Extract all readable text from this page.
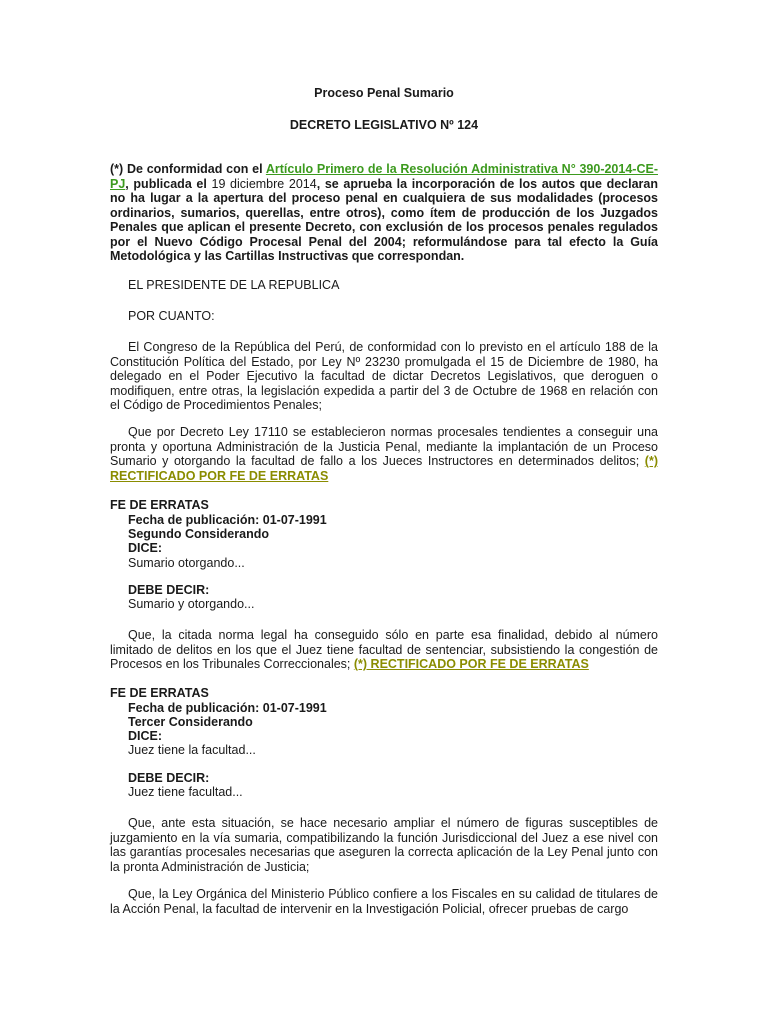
Proceso Penal Sumario
DECRETO LEGISLATIVO Nº 124

(*) De conformidad con el Artículo Primero de la Resolución Administrativa N° 390-2014-CE-PJ, publicada el 19 diciembre 2014, se aprueba la incorporación de los autos que declaran no ha lugar a la apertura del proceso penal en cualquiera de sus modalidades (procesos ordinarios, sumarios, querellas, entre otros), como ítem de producción de los Juzgados Penales que aplican el presente Decreto, con exclusión de los procesos penales regulados por el Nuevo Código Procesal Penal del 2004; reformulándose para tal efecto la Guía Metodológica y las Cartillas Instructivas que correspondan.

EL PRESIDENTE DE LA REPUBLICA
POR CUANTO:

El Congreso de la República del Perú, de conformidad con lo previsto en el artículo 188 de la Constitución Política del Estado, por Ley Nº 23230 promulgada el 15 de Diciembre de 1980, ha delegado en el Poder Ejecutivo la facultad de dictar Decretos Legislativos, que deroguen o modifiquen, entre otras, la legislación expedida a partir del 3 de Octubre de 1968 en relación con el Código de Procedimientos Penales;

Que por Decreto Ley 17110 se establecieron normas procesales tendientes a conseguir una pronta y oportuna Administración de la Justicia Penal, mediante la implantación de un Proceso Sumario y otorgando la facultad de fallo a los Jueces Instructores en determinados delitos; (*) RECTIFICADO POR FE DE ERRATAS

FE DE ERRATAS
Fecha de publicación: 01-07-1991
Segundo Considerando
DICE:
Sumario otorgando...
DEBE DECIR:
Sumario y otorgando...

Que, la citada norma legal ha conseguido sólo en parte esa finalidad, debido al número limitado de delitos en los que el Juez tiene facultad de sentenciar, subsistiendo la congestión de Procesos en los Tribunales Correccionales; (*) RECTIFICADO POR FE DE ERRATAS

FE DE ERRATAS
Fecha de publicación: 01-07-1991
Tercer Considerando
DICE:
Juez tiene la facultad...
DEBE DECIR:
Juez tiene facultad...

Que, ante esta situación, se hace necesario ampliar el número de figuras susceptibles de juzgamiento en la vía sumaria, compatibilizando la función Jurisdiccional del Juez a ese nivel con las garantías procesales necesarias que aseguren la correcta aplicación de la Ley Penal junto con la pronta Administración de Justicia;

Que, la Ley Orgánica del Ministerio Público confiere a los Fiscales en su calidad de titulares de la Acción Penal, la facultad de intervenir en la Investigación Policial, ofrecer pruebas de cargo
